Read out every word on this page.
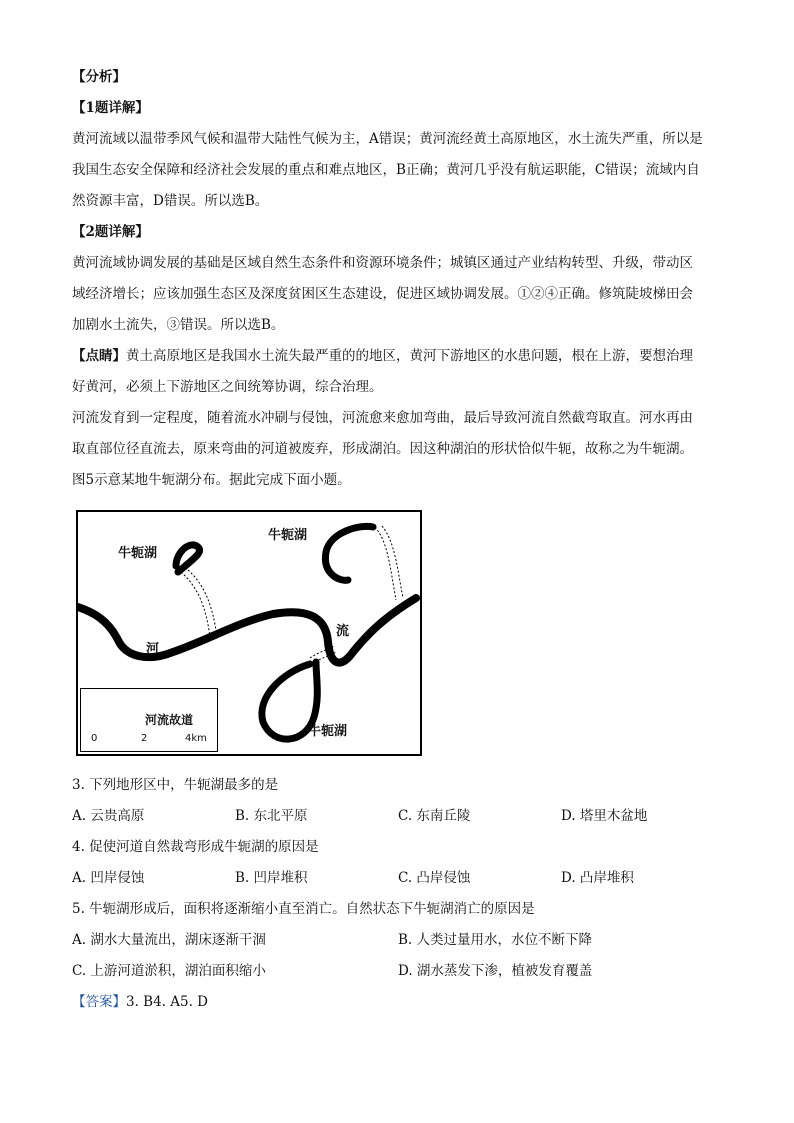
【分析】
【1题详解】
黄河流域以温带季风气候和温带大陆性气候为主，A错误；黄河流经黄土高原地区，水土流失严重，所以是
我国生态安全保障和经济社会发展的重点和难点地区，B正确；黄河几乎没有航运职能，C错误；流域内自
然资源丰富，D错误。所以选B。
【2题详解】
黄河流域协调发展的基础是区域自然生态条件和资源环境条件；城镇区通过产业结构转型、升级，带动区
域经济增长；应该加强生态区及深度贫困区生态建设，促进区域协调发展。①②④正确。修筑陡坡梯田会
加剧水土流失，③错误。所以选B。
【点睛】黄土高原地区是我国水土流失最严重的的地区，黄河下游地区的水患问题，根在上游，要想治理
好黄河，必须上下游地区之间统筹协调，综合治理。
河流发育到一定程度，随着流水冲刷与侵蚀，河流愈来愈加弯曲，最后导致河流自然截弯取直。河水再由
取直部位径直流去，原来弯曲的河道被废弃，形成湖泊。因这种湖泊的形状恰似牛轭，故称之为牛轭湖。
图5示意某地牛轭湖分布。据此完成下面小题。
牛轭湖
牛轭湖
牛轭湖
河
流
河流故道
0	2	4km
3. 下列地形区中，牛轭湖最多的是
A. 云贵高原	B. 东北平原	C. 东南丘陵	D. 塔里木盆地
4. 促使河道自然裁弯形成牛轭湖的原因是
A. 凹岸侵蚀	B. 凹岸堆积	C. 凸岸侵蚀	D. 凸岸堆积
5. 牛轭湖形成后，面积将逐渐缩小直至消亡。自然状态下牛轭湖消亡的原因是
A. 湖水大量流出，湖床逐渐干涸	B. 人类过量用水，水位不断下降
C. 上游河道淤积，湖泊面积缩小	D. 湖水蒸发下渗，植被发育覆盖
【答案】3. B4. A5. D
